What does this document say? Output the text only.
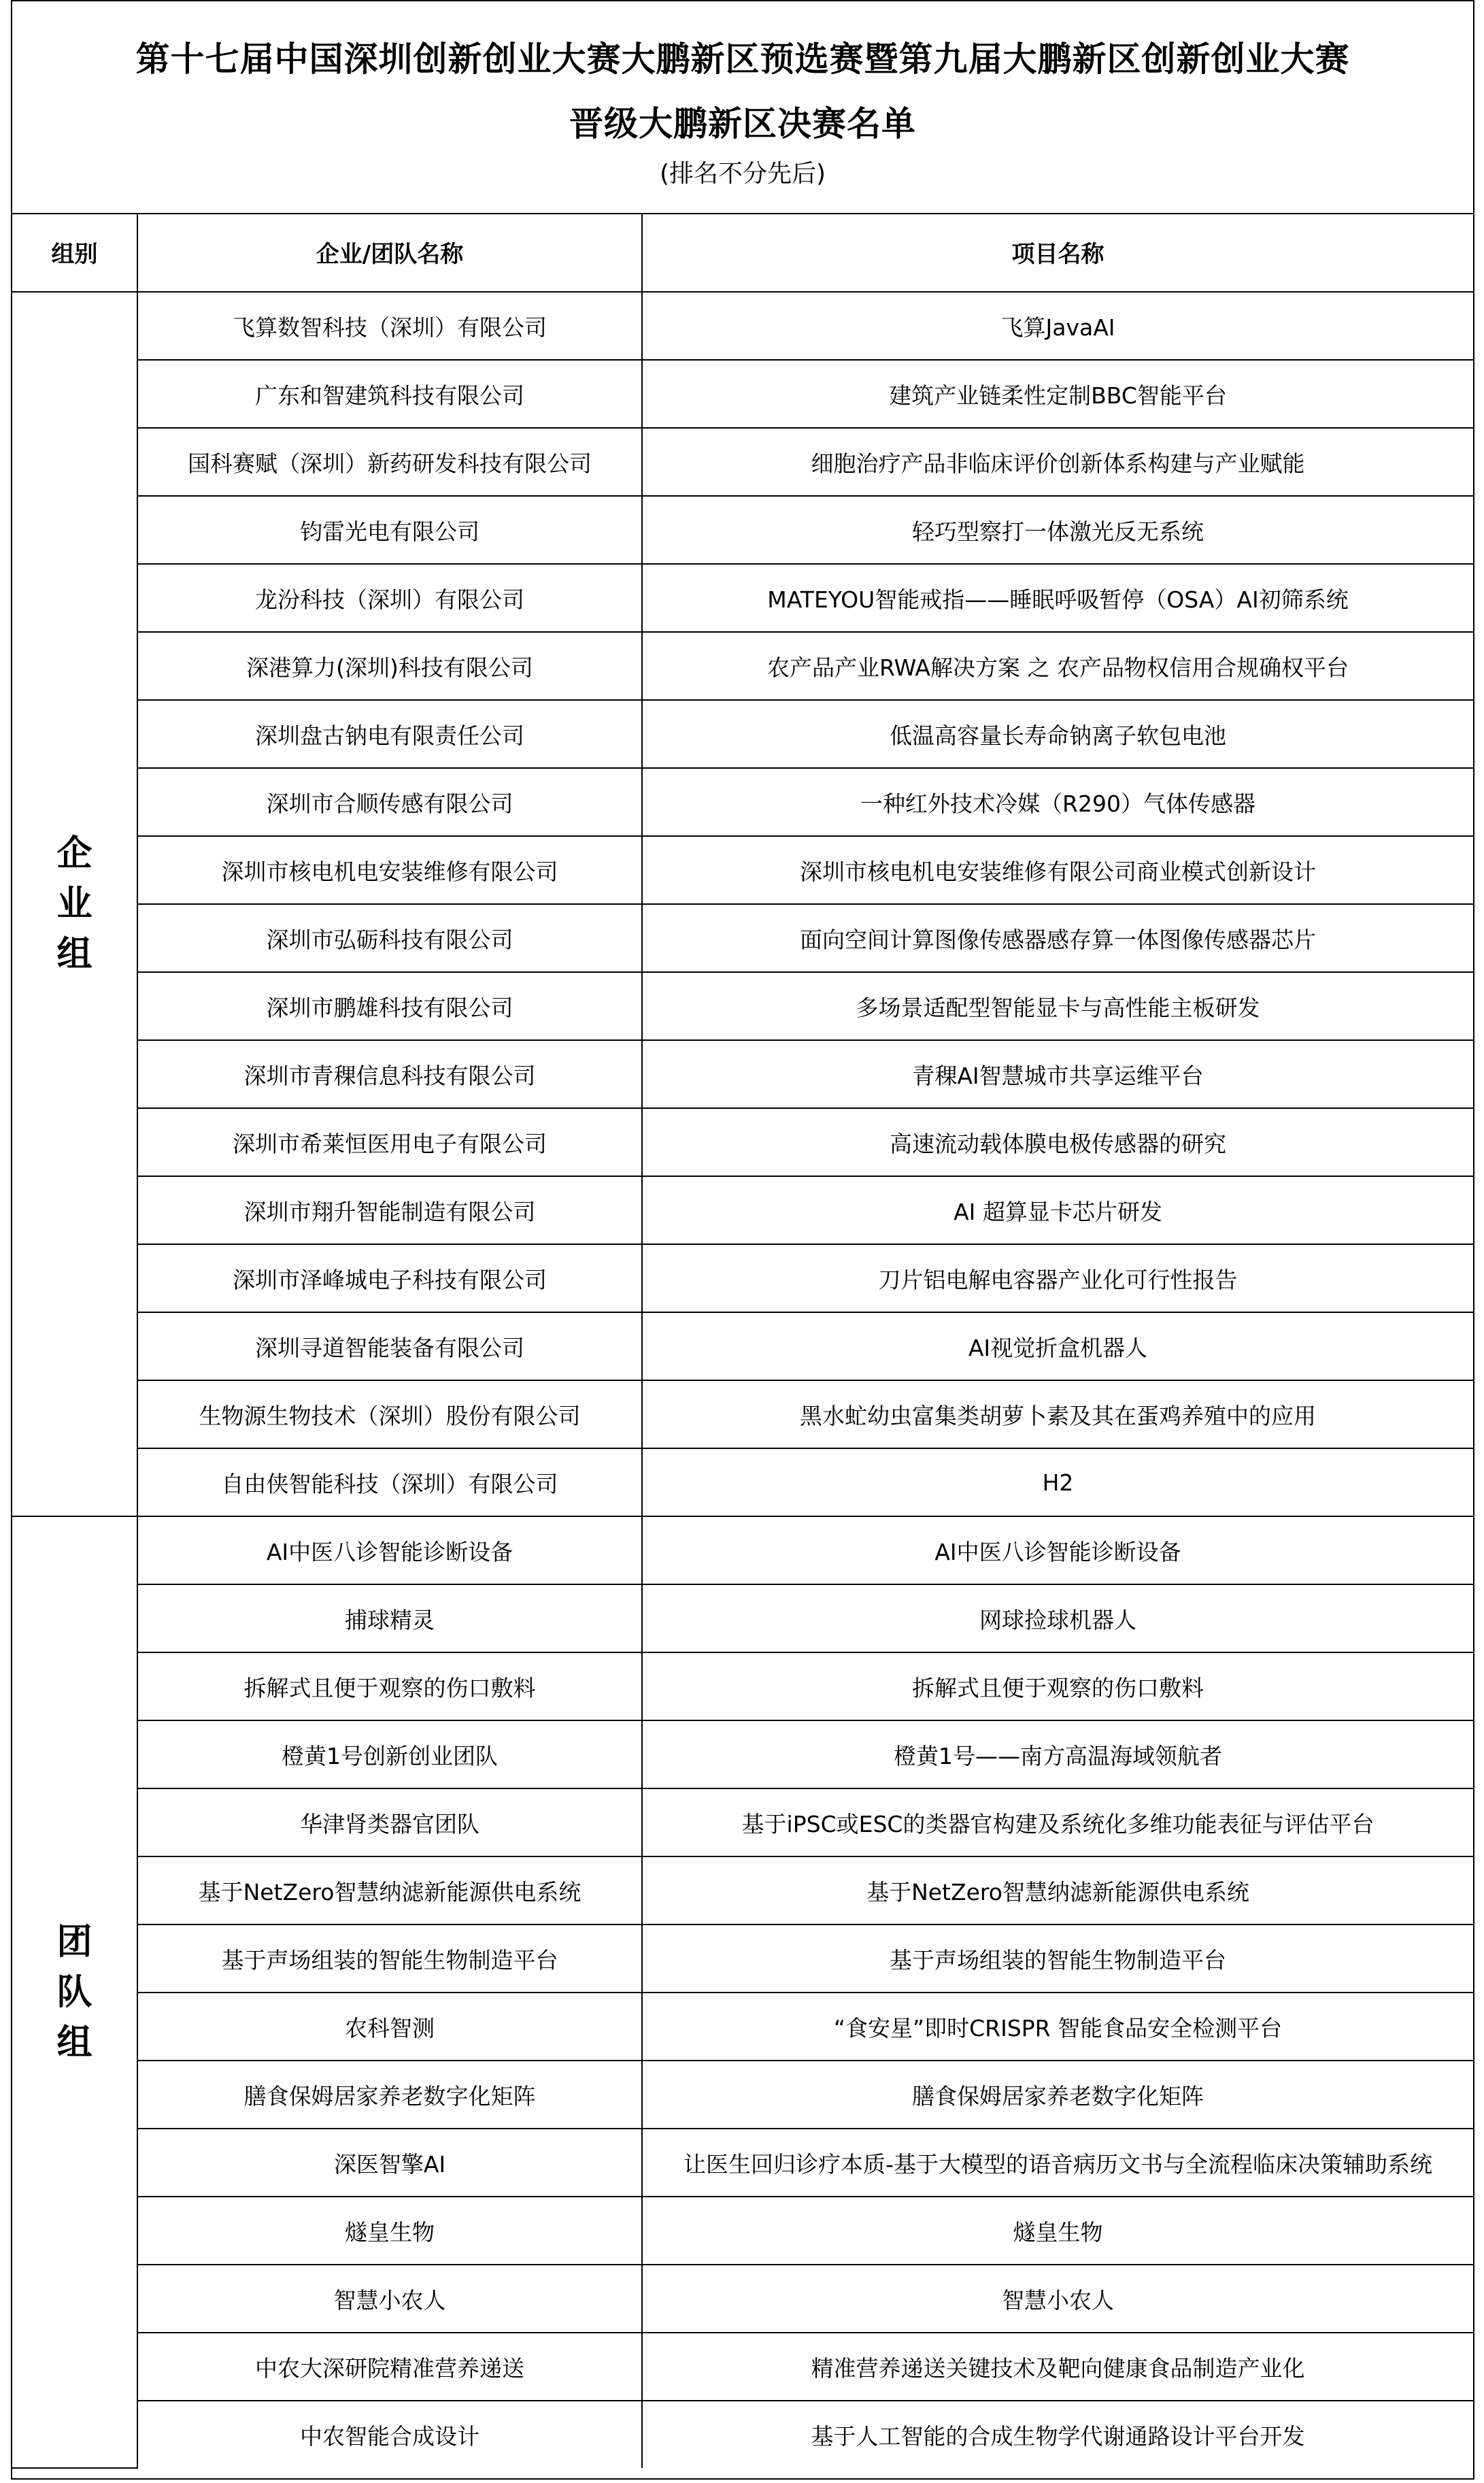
第十七届中国深圳创新创业大赛大鹏新区预选赛暨第九届大鹏新区创新创业大赛
晋级大鹏新区决赛名单
(排名不分先后)
组别	企业/团队名称	项目名称

企
业
组	飞算数智科技（深圳）有限公司	飞算JavaAI
	广东和智建筑科技有限公司	建筑产业链柔性定制BBC智能平台
	国科赛赋（深圳）新药研发科技有限公司	细胞治疗产品非临床评价创新体系构建与产业赋能
	钧雷光电有限公司	轻巧型察打一体激光反无系统
	龙汾科技（深圳）有限公司	MATEYOU智能戒指——睡眠呼吸暂停（OSA）AI初筛系统
	深港算力(深圳)科技有限公司	农产品产业RWA解决方案 之 农产品物权信用合规确权平台
	深圳盘古钠电有限责任公司	低温高容量长寿命钠离子软包电池
	深圳市合顺传感有限公司	一种红外技术冷媒（R290）气体传感器
	深圳市核电机电安装维修有限公司	深圳市核电机电安装维修有限公司商业模式创新设计
	深圳市弘砺科技有限公司	面向空间计算图像传感器感存算一体图像传感器芯片
	深圳市鹏雄科技有限公司	多场景适配型智能显卡与高性能主板研发
	深圳市青稞信息科技有限公司	青稞AI智慧城市共享运维平台
	深圳市希莱恒医用电子有限公司	高速流动载体膜电极传感器的研究
	深圳市翔升智能制造有限公司	AI 超算显卡芯片研发
	深圳市泽峰城电子科技有限公司	刀片铝电解电容器产业化可行性报告
	深圳寻道智能装备有限公司	AI视觉折盒机器人
	生物源生物技术（深圳）股份有限公司	黑水虻幼虫富集类胡萝卜素及其在蛋鸡养殖中的应用
	自由侠智能科技（深圳）有限公司	H2

团
队
组	AI中医八诊智能诊断设备	AI中医八诊智能诊断设备
	捕球精灵	网球捡球机器人
	拆解式且便于观察的伤口敷料	拆解式且便于观察的伤口敷料
	橙黄1号创新创业团队	橙黄1号——南方高温海域领航者
	华津肾类器官团队	基于iPSC或ESC的类器官构建及系统化多维功能表征与评估平台
	基于NetZero智慧纳滤新能源供电系统	基于NetZero智慧纳滤新能源供电系统
	基于声场组装的智能生物制造平台	基于声场组装的智能生物制造平台
	农科智测	“食安星”即时CRISPR 智能食品安全检测平台
	膳食保姆居家养老数字化矩阵	膳食保姆居家养老数字化矩阵
	深医智擎AI	让医生回归诊疗本质-基于大模型的语音病历文书与全流程临床决策辅助系统
	燧皇生物	燧皇生物
	智慧小农人	智慧小农人
	中农大深研院精准营养递送	精准营养递送关键技术及靶向健康食品制造产业化
	中农智能合成设计	基于人工智能的合成生物学代谢通路设计平台开发
